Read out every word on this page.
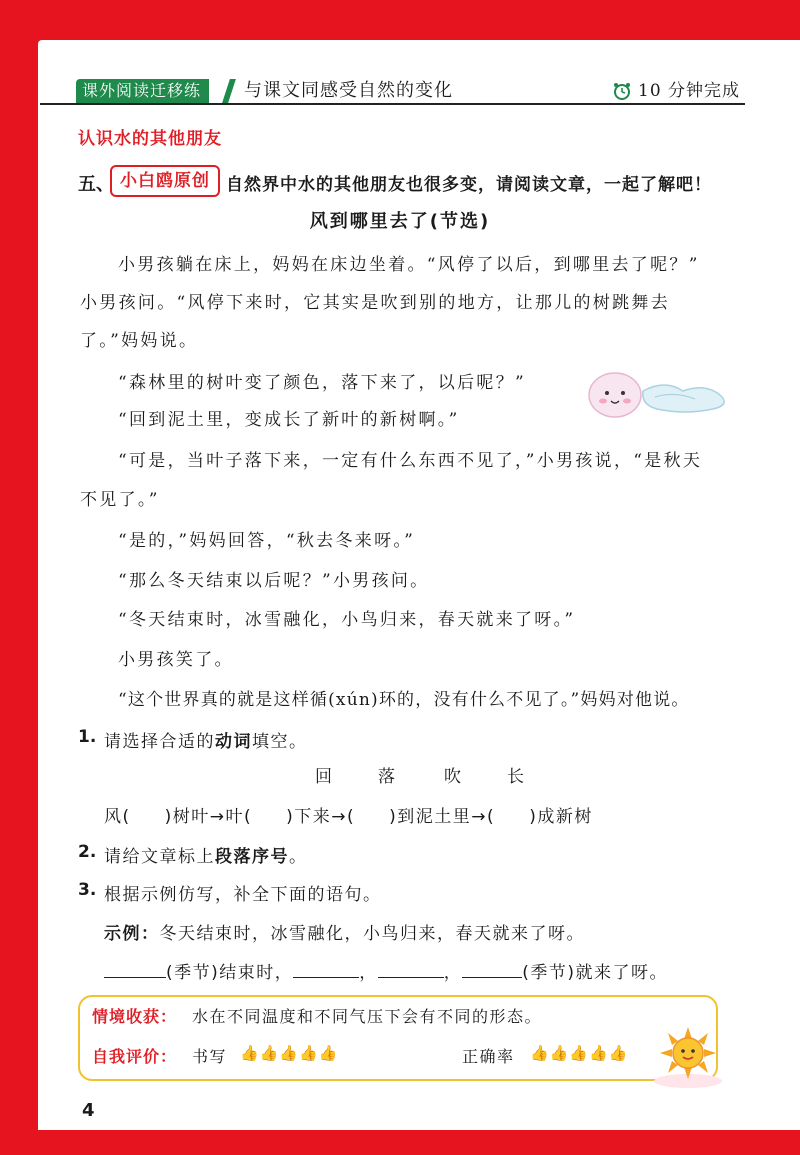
课外阅读迁移练	与课文同感受自然的变化	10 分钟完成
认识水的其他朋友
五、 小白鸥原创 自然界中水的其他朋友也很多变，请阅读文章，一起了解吧！
风到哪里去了(节选)
小男孩躺在床上，妈妈在床边坐着。“风停了以后，到哪里去了呢？”
小男孩问。“风停下来时，它其实是吹到别的地方，让那儿的树跳舞去
了。”妈妈说。
“森林里的树叶变了颜色，落下来了，以后呢？”
“回到泥土里，变成长了新叶的新树啊。”
“可是，当叶子落下来，一定有什么东西不见了，”小男孩说，“是秋天
不见了。”
“是的，”妈妈回答，“秋去冬来呀。”
“那么冬天结束以后呢？”小男孩问。
“冬天结束时，冰雪融化，小鸟归来，春天就来了呀。”
小男孩笑了。
“这个世界真的就是这样循(xún)环的，没有什么不见了。”妈妈对他说。
1. 请选择合适的动词填空。
回	落	吹	长
风( )树叶→叶( )下来→( )到泥土里→( )成新树
2. 请给文章标上段落序号。
3. 根据示例仿写，补全下面的语句。
示例：冬天结束时，冰雪融化，小鸟归来，春天就来了呀。
(季节)结束时，	，	，	(季节)就来了呀。
情境收获： 水在不同温度和不同气压下会有不同的形态。
自我评价： 书写 👍👍👍👍👍	正确率 👍👍👍👍👍
4
